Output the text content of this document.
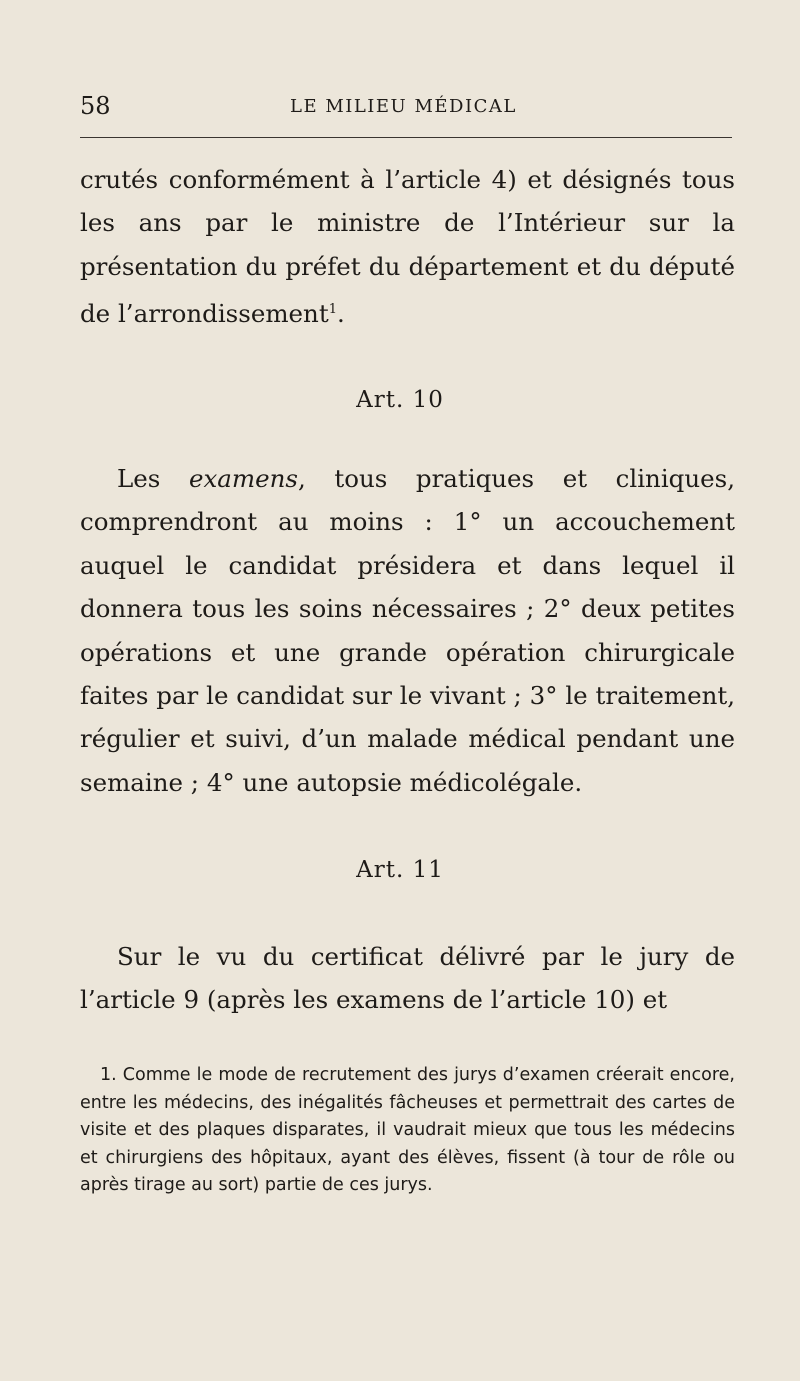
58	LE MILIEU MÉDICAL

crutés conformément à l’article 4) et désignés tous les ans par le ministre de l’Intérieur sur la présentation du préfet du département et du député de l’arrondissement$^1$.

Art. 10

Les examens, tous pratiques et cliniques, comprendront au moins : 1° un accouchement auquel le candidat présidera et dans lequel il donnera tous les soins nécessaires ; 2° deux petites opérations et une grande opération chirurgicale faites par le candidat sur le vivant ; 3° le traitement, régulier et suivi, d’un malade médical pendant une semaine ; 4° une autopsie médicolégale.

Art. 11

Sur le vu du certificat délivré par le jury de l’article 9 (après les examens de l’article 10) et

1. Comme le mode de recrutement des jurys d’examen créerait encore, entre les médecins, des inégalités fâcheuses et permettrait des cartes de visite et des plaques disparates, il vaudrait mieux que tous les médecins et chirurgiens des hôpitaux, ayant des élèves, fissent (à tour de rôle ou après tirage au sort) partie de ces jurys.
